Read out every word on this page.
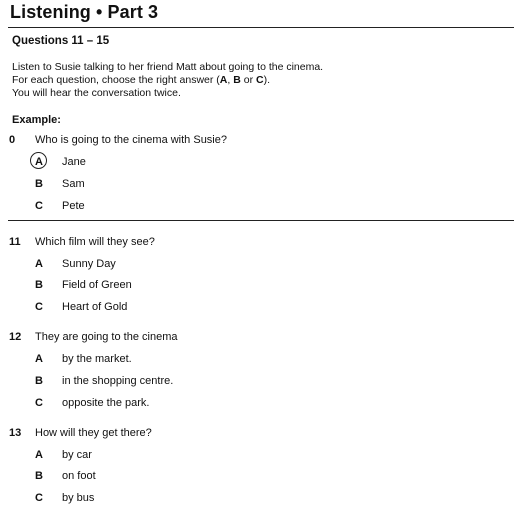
Listening • Part 3
Questions 11 – 15
Listen to Susie talking to her friend Matt about going to the cinema.
For each question, choose the right answer (A, B or C).
You will hear the conversation twice.
Example:
0	Who is going to the cinema with Susie?
A Jane
B Sam
C Pete
11	Which film will they see?
A Sunny Day
B Field of Green
C Heart of Gold
12	They are going to the cinema
A by the market.
B in the shopping centre.
C opposite the park.
13	How will they get there?
A by car
B on foot
C by bus
